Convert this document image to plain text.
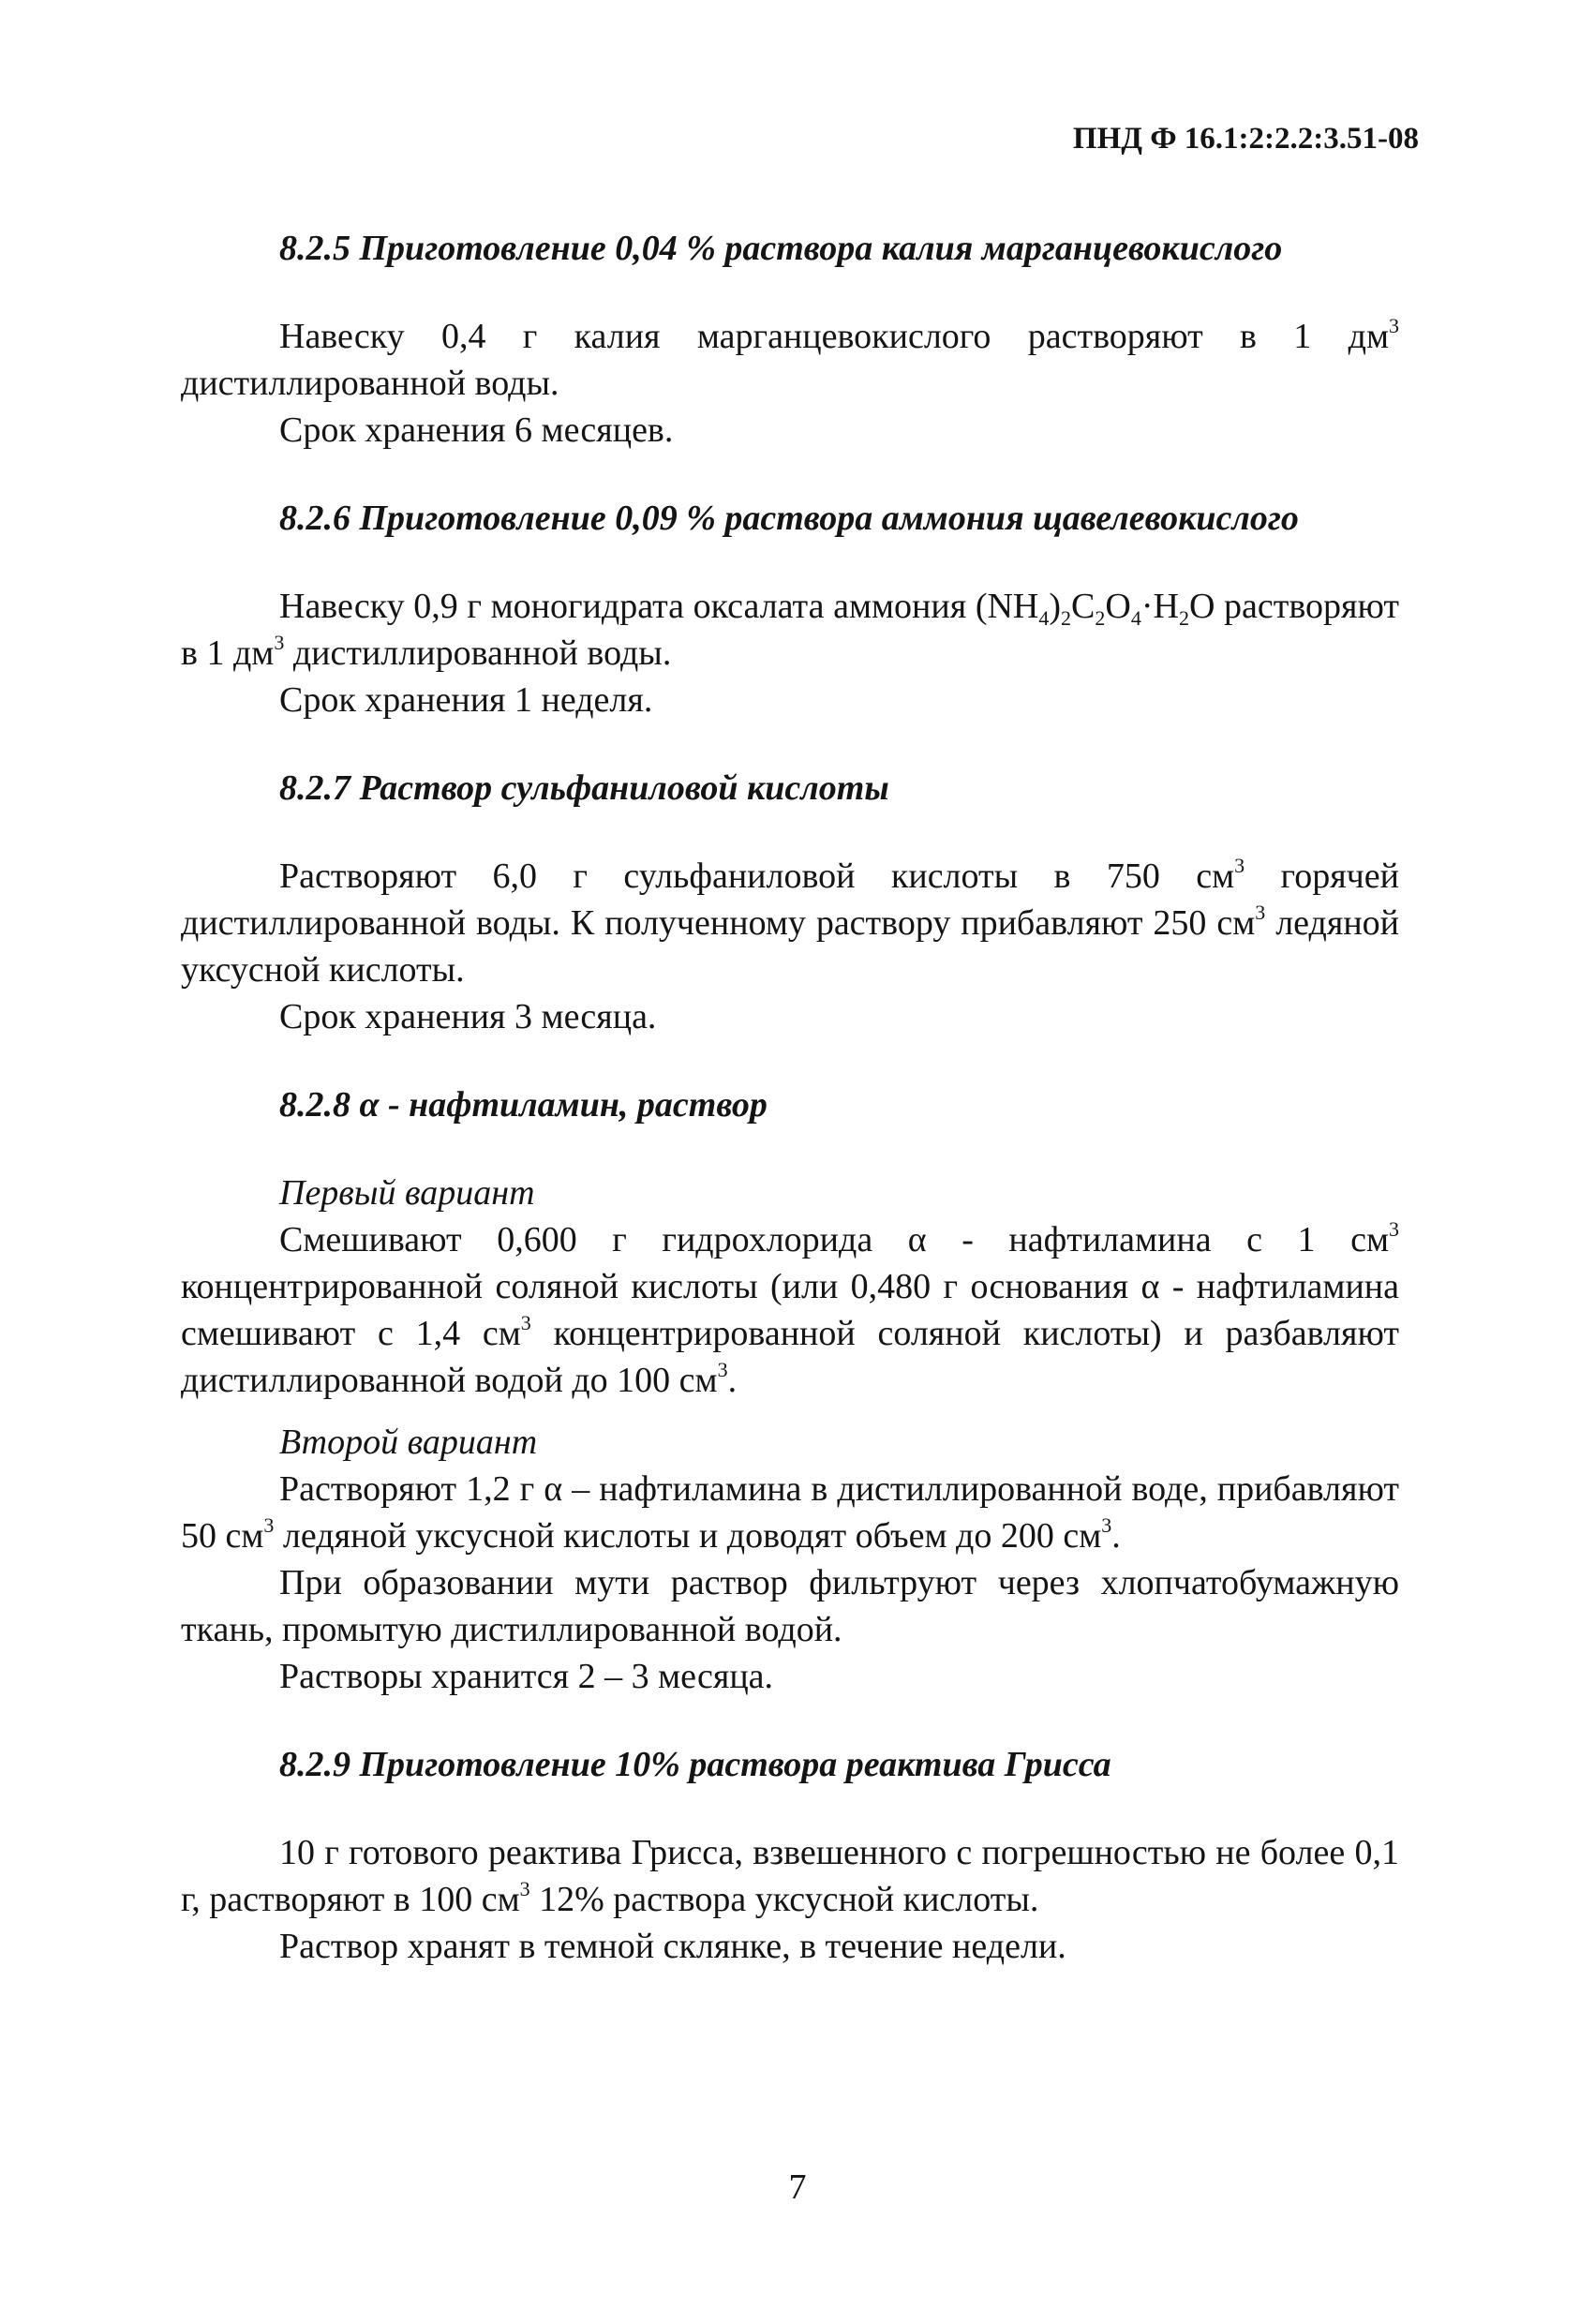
ПНД Ф 16.1:2:2.2:3.51-08
8.2.5 Приготовление 0,04 % раствора калия марганцевокислого

Навеску 0,4 г калия марганцевокислого растворяют в 1 $дм^3$ дистиллированной воды.

Срок хранения 6 месяцев.

8.2.6 Приготовление 0,09 % раствора аммония щавелевокислого

Навеску 0,9 г моногидрата оксалата аммония $(NH_4)_2C_2O_4\cdot H_2O$ растворяют в 1 $дм^3$ дистиллированной воды.

Срок хранения 1 неделя.

8.2.7 Раствор сульфаниловой кислоты

Растворяют 6,0 г сульфаниловой кислоты в 750 $см^3$ горячей дистиллированной воды. К полученному раствору прибавляют 250 $см^3$ ледяной уксусной кислоты.

Срок хранения 3 месяца.

8.2.8 α - нафтиламин, раствор
Первый вариант

Смешивают 0,600 г гидрохлорида α - нафтиламина с 1 $см^3$ концентрированной соляной кислоты (или 0,480 г основания α - нафтиламина смешивают с 1,4 $см^3$ концентрированной соляной кислоты) и разбавляют дистиллированной водой до 100 $см^3$.

Второй вариант

Растворяют 1,2 г α – нафтиламина в дистиллированной воде, прибавляют 50 $см^3$ ледяной уксусной кислоты и доводят объем до 200 $см^3$.

При образовании мути раствор фильтруют через хлопчатобумажную ткань, промытую дистиллированной водой.

Растворы хранится 2 – 3 месяца.

8.2.9 Приготовление 10% раствора реактива Грисса

10 г готового реактива Грисса, взвешенного с погрешностью не более 0,1 г, растворяют в 100 $см^3$ 12% раствора уксусной кислоты.

Раствор хранят в темной склянке, в течение недели.

7
